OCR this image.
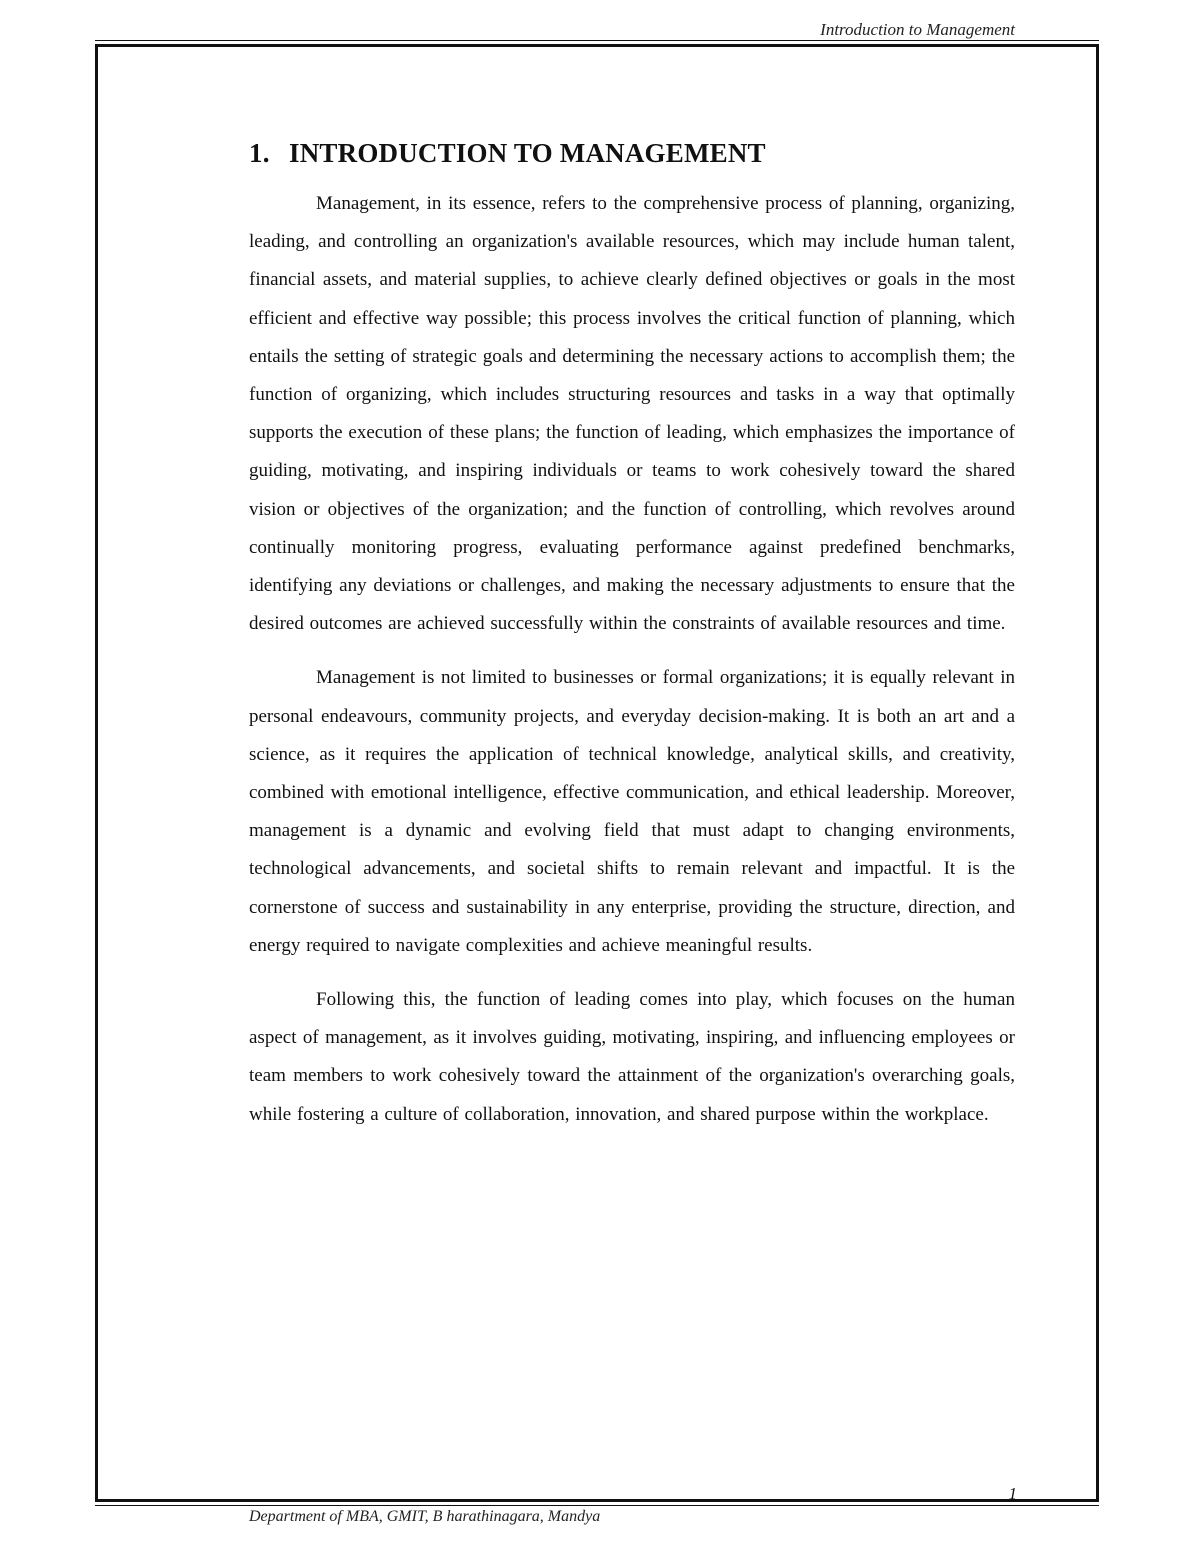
Introduction to Management
1. INTRODUCTION TO MANAGEMENT

Management, in its essence, refers to the comprehensive process of planning, organizing, leading, and controlling an organization's available resources, which may include human talent, financial assets, and material supplies, to achieve clearly defined objectives or goals in the most efficient and effective way possible; this process involves the critical function of planning, which entails the setting of strategic goals and determining the necessary actions to accomplish them; the function of organizing, which includes structuring resources and tasks in a way that optimally supports the execution of these plans; the function of leading, which emphasizes the importance of guiding, motivating, and inspiring individuals or teams to work cohesively toward the shared vision or objectives of the organization; and the function of controlling, which revolves around continually monitoring progress, evaluating performance against predefined benchmarks, identifying any deviations or challenges, and making the necessary adjustments to ensure that the desired outcomes are achieved successfully within the constraints of available resources and time.

Management is not limited to businesses or formal organizations; it is equally relevant in personal endeavours, community projects, and everyday decision-making. It is both an art and a science, as it requires the application of technical knowledge, analytical skills, and creativity, combined with emotional intelligence, effective communication, and ethical leadership. Moreover, management is a dynamic and evolving field that must adapt to changing environments, technological advancements, and societal shifts to remain relevant and impactful. It is the cornerstone of success and sustainability in any enterprise, providing the structure, direction, and energy required to navigate complexities and achieve meaningful results.

Following this, the function of leading comes into play, which focuses on the human aspect of management, as it involves guiding, motivating, inspiring, and influencing employees or team members to work cohesively toward the attainment of the organization's overarching goals, while fostering a culture of collaboration, innovation, and shared purpose within the workplace.

1
Department of MBA, GMIT, B harathinagara, Mandya
